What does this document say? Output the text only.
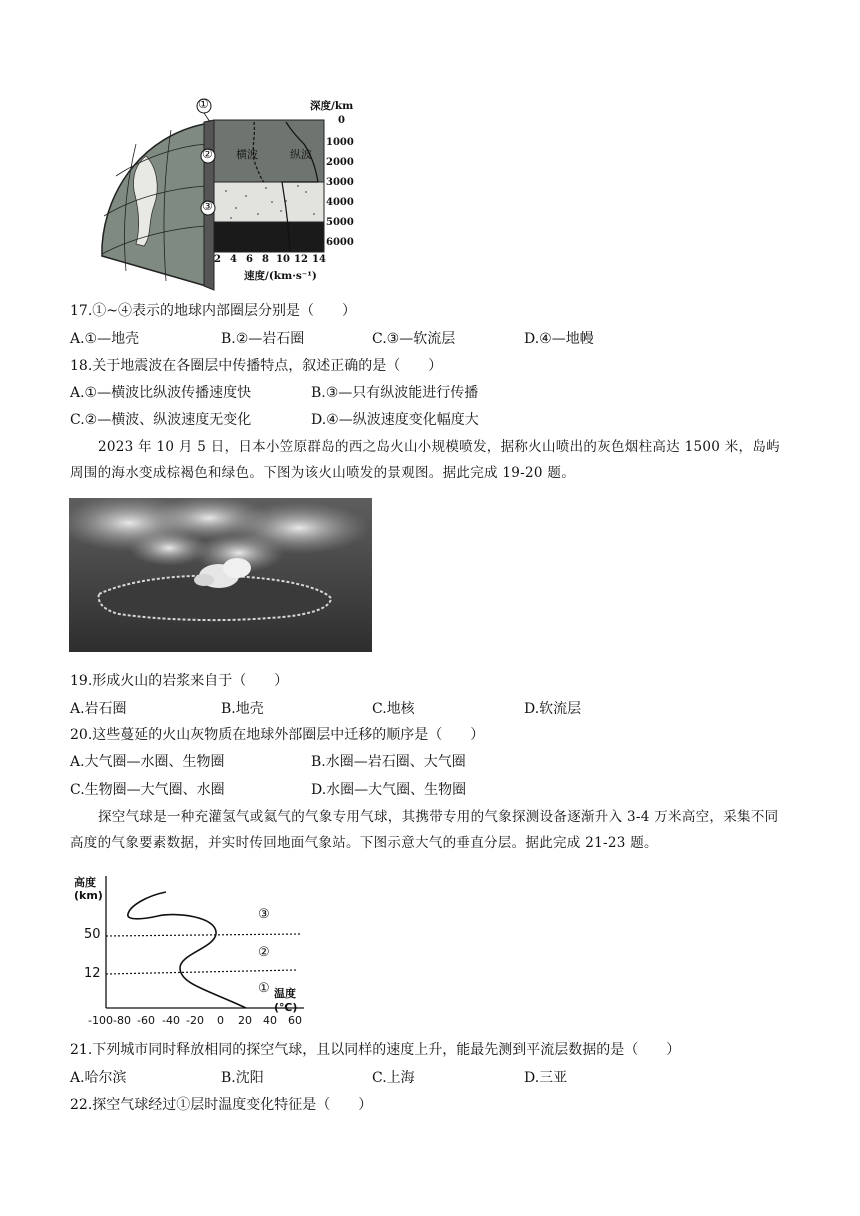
①
②
③
深度/km
横波	纵波
0
1000
2000
3000
4000
5000
6000
2 4 6 8 10 12 14
速度/(km·s⁻¹)
17.①~④表示的地球内部圈层分别是（　　）
A.①—地壳	B.②—岩石圈	C.③—软流层	D.④—地幔
18.关于地震波在各圈层中传播特点，叙述正确的是（　　）
A.①—横波比纵波传播速度快	B.③—只有纵波能进行传播
C.②—横波、纵波速度无变化	D.④—纵波速度变化幅度大
2023 年 10 月 5 日，日本小笠原群岛的西之岛火山小规模喷发，据称火山喷出的灰色烟柱高达 1500 米，岛屿周围的海水变成棕褐色和绿色。下图为该火山喷发的景观图。据此完成 19-20 题。
19.形成火山的岩浆来自于（　　）
A.岩石圈	B.地壳	C.地核	D.软流层
20.这些蔓延的火山灰物质在地球外部圈层中迁移的顺序是（　　）
A.大气圈—水圈、生物圈	B.水圈—岩石圈、大气圈
C.生物圈—大气圈、水圈	D.水圈—大气圈、生物圈
探空气球是一种充灌氢气或氦气的气象专用气球，其携带专用的气象探测设备逐渐升入 3-4 万米高空，采集不同高度的气象要素数据，并实时传回地面气象站。下图示意大气的垂直分层。据此完成 21-23 题。
高度
(km)
50
12
③
②
① 温度 (℃)
-100 -80 -60 -40 -20 0 20 40 60
21.下列城市同时释放相同的探空气球，且以同样的速度上升，能最先测到平流层数据的是（　　）
A.哈尔滨	B.沈阳	C.上海	D.三亚
22.探空气球经过①层时温度变化特征是（　　）
